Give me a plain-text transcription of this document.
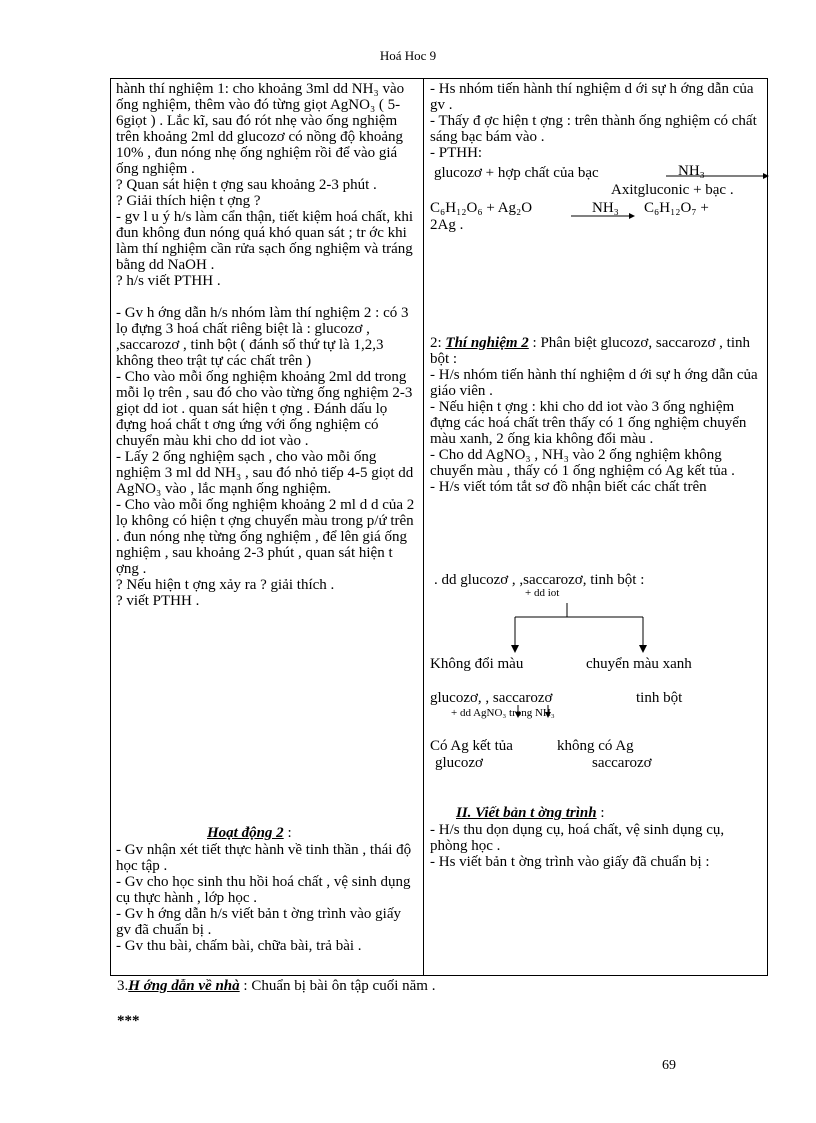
Hoá Hoc 9

hành thí nghiệm 1: cho khoảng 3ml dd NH₃ vào ống nghiệm, thêm vào đó từng giọt AgNO₃ ( 5-6giọt ) . Lắc kĩ, sau đó rót nhẹ vào ống nghiệm trên khoảng 2ml dd glucozơ có nồng độ khoảng 10% , đun nóng nhẹ ống nghiệm rồi để vào giá ống nghiệm .

? Quan sát hiện t ợng sau khoảng 2-3 phút .

? Giải thích hiện t ợng ?

- gv l u ý h/s làm cẩn thận, tiết kiệm hoá chất, khi đun không đun nóng quá khó quan sát ; tr ớc khi làm thí nghiệm cần rửa sạch ống nghiệm và tráng bằng dd NaOH .

? h/s viết PTHH .

- Gv h ớng dẫn h/s nhóm làm thí nghiệm 2 : có 3 lọ đựng 3 hoá chất riêng biệt là : glucozơ , ,saccarozơ , tinh bột ( đánh số thứ tự là 1,2,3 không theo trật tự các chất trên )

- Cho vào mỗi ống nghiệm khoảng 2ml dd trong mỗi lọ trên , sau đó cho vào từng ống nghiệm 2-3 giọt dd iot . quan sát hiện t ợng . Đánh dấu lọ đựng hoá chất t ơng ứng với ống nghiệm có chuyển màu khi cho dd iot vào .

- Lấy 2 ống nghiệm sạch , cho vào mỗi ống nghiệm 3 ml dd NH₃ , sau đó nhỏ tiếp 4-5 giọt dd AgNO₃ vào , lắc mạnh ống nghiệm.

- Cho vào mỗi ống nghiệm khoảng 2 ml d d của 2 lọ không có hiện t ợng chuyển màu trong p/ứ trên . đun nóng nhẹ từng ống nghiệm , để lên giá ống nghiệm , sau khoảng 2-3 phút , quan sát hiện t ợng .

? Nếu hiện t ợng xảy ra ? giải thích .

? viết PTHH .

Hoạt động 2 :

- Gv nhận xét tiết thực hành về tinh thần , thái độ học tập .

- Gv cho học sinh thu hồi hoá chất , vệ sinh dụng cụ thực hành , lớp học .

- Gv h ớng dẫn h/s viết bản t ờng trình vào giấy gv đã chuẩn bị .

- Gv thu bài, chấm bài, chữa bài, trả bài .

- Hs nhóm tiến hành thí nghiệm d ới sự h ớng dẫn của gv .

- Thấy đ ợc hiện t ợng : trên thành ống nghiệm có chất sáng bạc bám vào .

- PTHH:

glucozơ + hợp chất của bạc	NH₃
Axitgluconic + bạc .
C₆H₁₂O₆ + Ag₂O	NH₃ C₆H₁₂O₇ +
2Ag .

2: Thí nghiệm 2 : Phân biệt glucozơ, saccarozơ , tinh bột :

- H/s nhóm tiến hành thí nghiệm d ới sự h ớng dẫn của giáo viên .

- Nếu hiện t ợng : khi cho dd iot vào 3 ống nghiệm đựng các hoá chất trên thấy có 1 ống nghiệm chuyển màu xanh, 2 ống kia không đổi màu .

- Cho dd AgNO₃ , NH₃ vào 2 ống nghiệm không chuyển màu , thấy có 1 ống nghiệm có Ag kết tủa .

- H/s viết tóm tắt sơ đồ nhận biết các chất trên

. dd glucozơ , ,saccarozơ, tinh bột :
+ dd iot
Không đổi màu	chuyển màu xanh
glucozơ, , saccarozơ	tinh bột
+ dd AgNO₃ trong NH₃
Có Ag kết tủa	không có Ag
glucozơ	saccarozơ
II. Viết bản t ờng trình :

- H/s thu dọn dụng cụ, hoá chất, vệ sinh dụng cụ, phòng học .

- Hs viết bản t ờng trình vào giấy đã chuẩn bị :

3.H ớng dẫn về nhà : Chuẩn bị bài ôn tập cuối năm .
***
69
